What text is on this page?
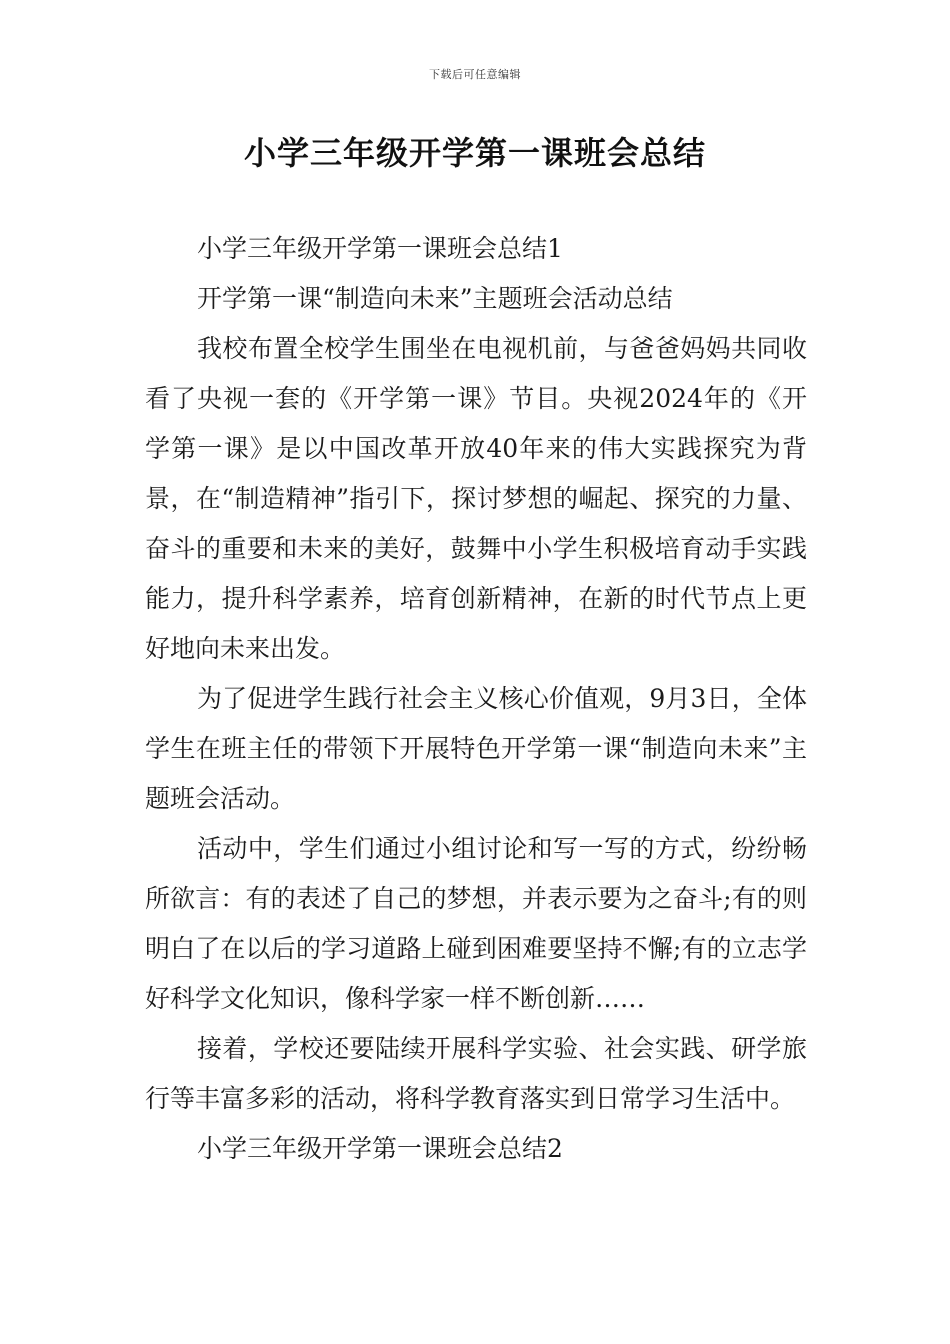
下载后可任意编辑
小学三年级开学第一课班会总结

小学三年级开学第一课班会总结1

开学第一课“制造向未来”主题班会活动总结

我校布置全校学生围坐在电视机前，与爸爸妈妈共同收看了央视一套的《开学第一课》节目。央视2024年的《开学第一课》是以中国改革开放40年来的伟大实践探究为背景，在“制造精神”指引下，探讨梦想的崛起、探究的力量、奋斗的重要和未来的美好，鼓舞中小学生积极培育动手实践能力，提升科学素养，培育创新精神，在新的时代节点上更好地向未来出发。

为了促进学生践行社会主义核心价值观，9月3日，全体学生在班主任的带领下开展特色开学第一课“制造向未来”主题班会活动。

活动中，学生们通过小组讨论和写一写的方式，纷纷畅所欲言：有的表述了自己的梦想，并表示要为之奋斗;有的则明白了在以后的学习道路上碰到困难要坚持不懈;有的立志学好科学文化知识，像科学家一样不断创新……

接着，学校还要陆续开展科学实验、社会实践、研学旅行等丰富多彩的活动，将科学教育落实到日常学习生活中。

小学三年级开学第一课班会总结2
